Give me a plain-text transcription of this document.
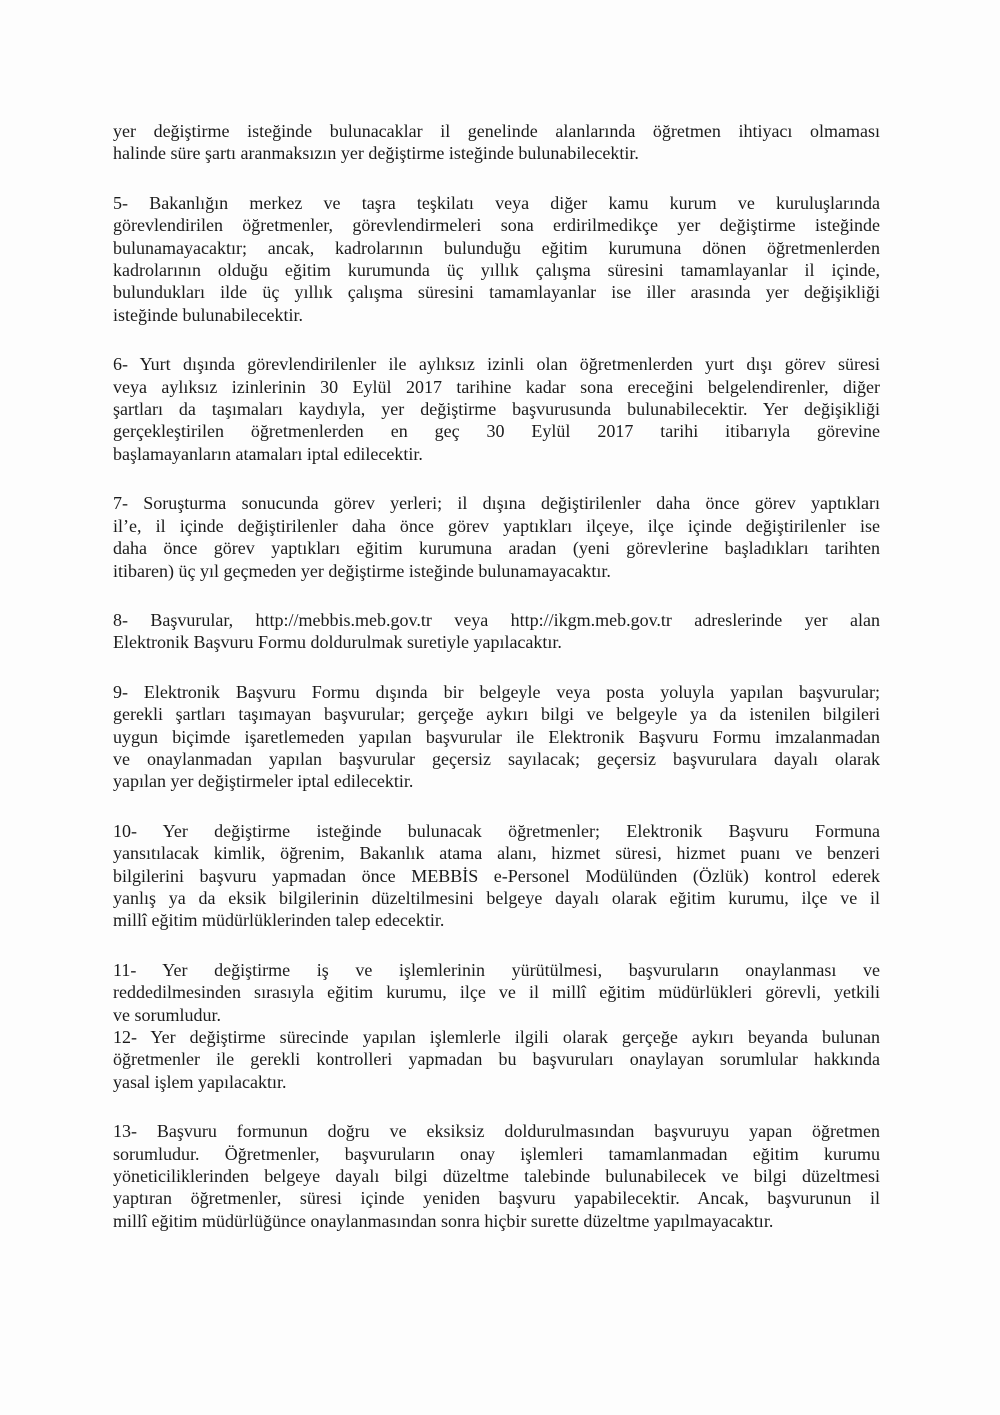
yer değiştirme isteğinde bulunacaklar il genelinde alanlarında öğretmen ihtiyacı olmaması
halinde süre şartı aranmaksızın yer değiştirme isteğinde bulunabilecektir.
5- Bakanlığın merkez ve taşra teşkilatı veya diğer kamu kurum ve kuruluşlarında
görevlendirilen öğretmenler, görevlendirmeleri sona erdirilmedikçe yer değiştirme isteğinde
bulunamayacaktır; ancak, kadrolarının bulunduğu eğitim kurumuna dönen öğretmenlerden
kadrolarının olduğu eğitim kurumunda üç yıllık çalışma süresini tamamlayanlar il içinde,
bulundukları ilde üç yıllık çalışma süresini tamamlayanlar ise iller arasında yer değişikliği
isteğinde bulunabilecektir.
6- Yurt dışında görevlendirilenler ile aylıksız izinli olan öğretmenlerden yurt dışı görev süresi
veya aylıksız izinlerinin 30 Eylül 2017 tarihine kadar sona ereceğini belgelendirenler, diğer
şartları da taşımaları kaydıyla, yer değiştirme başvurusunda bulunabilecektir. Yer değişikliği
gerçekleştirilen öğretmenlerden en geç 30 Eylül 2017 tarihi itibarıyla görevine
başlamayanların atamaları iptal edilecektir.
7- Soruşturma sonucunda görev yerleri; il dışına değiştirilenler daha önce görev yaptıkları
il’e, il içinde değiştirilenler daha önce görev yaptıkları ilçeye, ilçe içinde değiştirilenler ise
daha önce görev yaptıkları eğitim kurumuna aradan (yeni görevlerine başladıkları tarihten
itibaren) üç yıl geçmeden yer değiştirme isteğinde bulunamayacaktır.
8- Başvurular, http://mebbis.meb.gov.tr veya http://ikgm.meb.gov.tr adreslerinde yer alan
Elektronik Başvuru Formu doldurulmak suretiyle yapılacaktır.
9- Elektronik Başvuru Formu dışında bir belgeyle veya posta yoluyla yapılan başvurular;
gerekli şartları taşımayan başvurular; gerçeğe aykırı bilgi ve belgeyle ya da istenilen bilgileri
uygun biçimde işaretlemeden yapılan başvurular ile Elektronik Başvuru Formu imzalanmadan
ve onaylanmadan yapılan başvurular geçersiz sayılacak; geçersiz başvurulara dayalı olarak
yapılan yer değiştirmeler iptal edilecektir.
10- Yer değiştirme isteğinde bulunacak öğretmenler; Elektronik Başvuru Formuna
yansıtılacak kimlik, öğrenim, Bakanlık atama alanı, hizmet süresi, hizmet puanı ve benzeri
bilgilerini başvuru yapmadan önce MEBBİS e-Personel Modülünden (Özlük) kontrol ederek
yanlış ya da eksik bilgilerinin düzeltilmesini belgeye dayalı olarak eğitim kurumu, ilçe ve il
millî eğitim müdürlüklerinden talep edecektir.
11- Yer değiştirme iş ve işlemlerinin yürütülmesi, başvuruların onaylanması ve
reddedilmesinden sırasıyla eğitim kurumu, ilçe ve il millî eğitim müdürlükleri görevli, yetkili
ve sorumludur.
12- Yer değiştirme sürecinde yapılan işlemlerle ilgili olarak gerçeğe aykırı beyanda bulunan
öğretmenler ile gerekli kontrolleri yapmadan bu başvuruları onaylayan sorumlular hakkında
yasal işlem yapılacaktır.
13- Başvuru formunun doğru ve eksiksiz doldurulmasından başvuruyu yapan öğretmen
sorumludur. Öğretmenler, başvuruların onay işlemleri tamamlanmadan eğitim kurumu
yöneticiliklerinden belgeye dayalı bilgi düzeltme talebinde bulunabilecek ve bilgi düzeltmesi
yaptıran öğretmenler, süresi içinde yeniden başvuru yapabilecektir. Ancak, başvurunun il
millî eğitim müdürlüğünce onaylanmasından sonra hiçbir surette düzeltme yapılmayacaktır.
